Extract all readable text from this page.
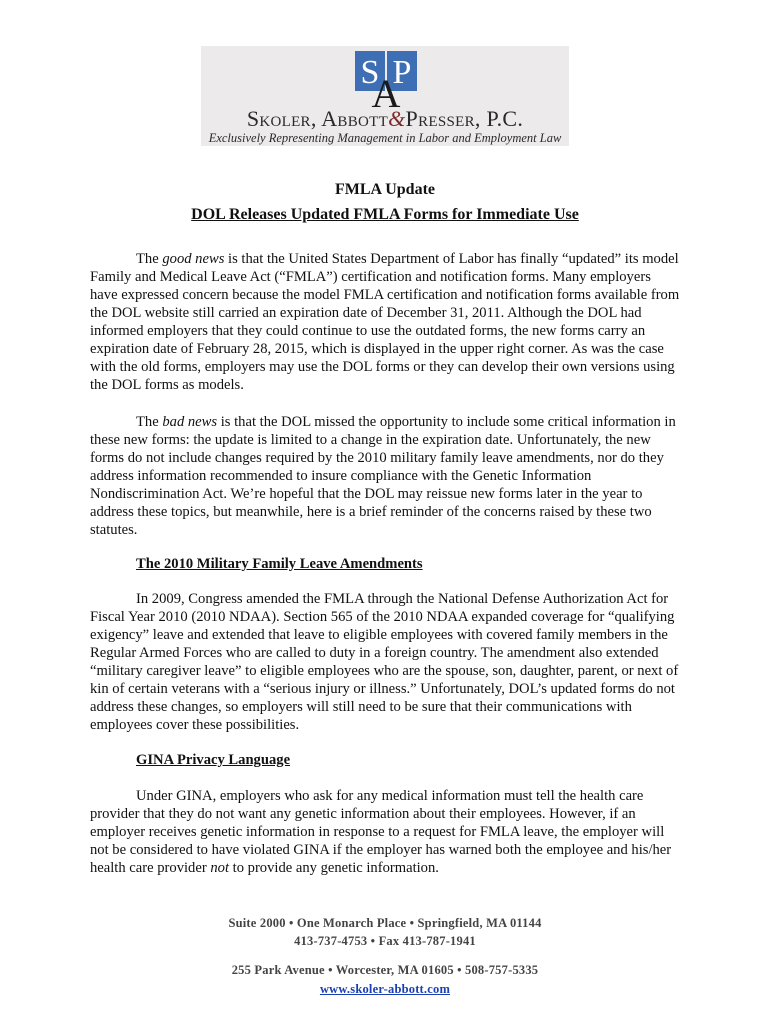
S P
A
Skoler, Abbott&Presser, P.C.
Exclusively Representing Management in Labor and Employment Law
FMLA Update
DOL Releases Updated FMLA Forms for Immediate Use

The good news is that the United States Department of Labor has finally “updated” its model Family and Medical Leave Act (“FMLA”) certification and notification forms. Many employers have expressed concern because the model FMLA certification and notification forms available from the DOL website still carried an expiration date of December 31, 2011. Although the DOL had informed employers that they could continue to use the outdated forms, the new forms carry an expiration date of February 28, 2015, which is displayed in the upper right corner. As was the case with the old forms, employers may use the DOL forms or they can develop their own versions using the DOL forms as models.

The bad news is that the DOL missed the opportunity to include some critical information in these new forms: the update is limited to a change in the expiration date. Unfortunately, the new forms do not include changes required by the 2010 military family leave amendments, nor do they address information recommended to insure compliance with the Genetic Information Nondiscrimination Act. We’re hopeful that the DOL may reissue new forms later in the year to address these topics, but meanwhile, here is a brief reminder of the concerns raised by these two statutes.

The 2010 Military Family Leave Amendments

In 2009, Congress amended the FMLA through the National Defense Authorization Act for Fiscal Year 2010 (2010 NDAA). Section 565 of the 2010 NDAA expanded coverage for “qualifying exigency” leave and extended that leave to eligible employees with covered family members in the Regular Armed Forces who are called to duty in a foreign country. The amendment also extended “military caregiver leave” to eligible employees who are the spouse, son, daughter, parent, or next of kin of certain veterans with a “serious injury or illness.” Unfortunately, DOL’s updated forms do not address these changes, so employers will still need to be sure that their communications with employees cover these possibilities.

GINA Privacy Language

Under GINA, employers who ask for any medical information must tell the health care provider that they do not want any genetic information about their employees. However, if an employer receives genetic information in response to a request for FMLA leave, the employer will not be considered to have violated GINA if the employer has warned both the employee and his/her health care provider not to provide any genetic information.

Suite 2000 • One Monarch Place • Springfield, MA 01144
413-737-4753 • Fax 413-787-1941
255 Park Avenue • Worcester, MA 01605 • 508-757-5335
www.skoler-abbott.com
